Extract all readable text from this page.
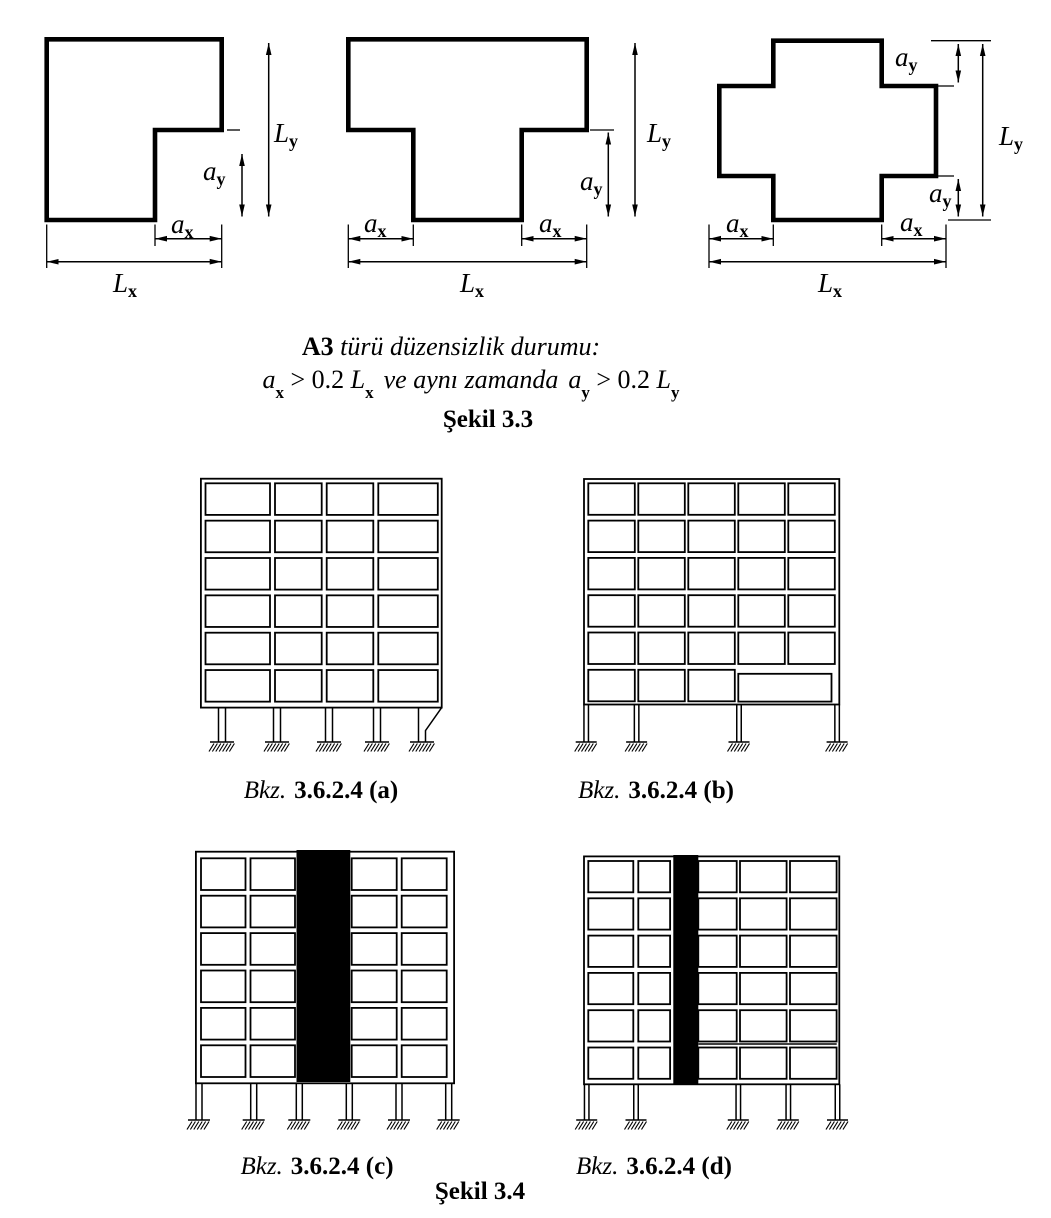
ay
Ly
ax
Lx
ax	ax
ay
Ly
Lx
ay
Ly
ay
ax	ax
Lx
A3 türü düzensizlik durumu:
$a_x > 0.2$ $L_x$ ve aynı zamanda $a_y > 0.2$ $L_y$
Şekil 3.3
Bkz. 3.6.2.4 (a)	Bkz. 3.6.2.4 (b)
Bkz. 3.6.2.4 (c)	Bkz. 3.6.2.4 (d)
Şekil 3.4
